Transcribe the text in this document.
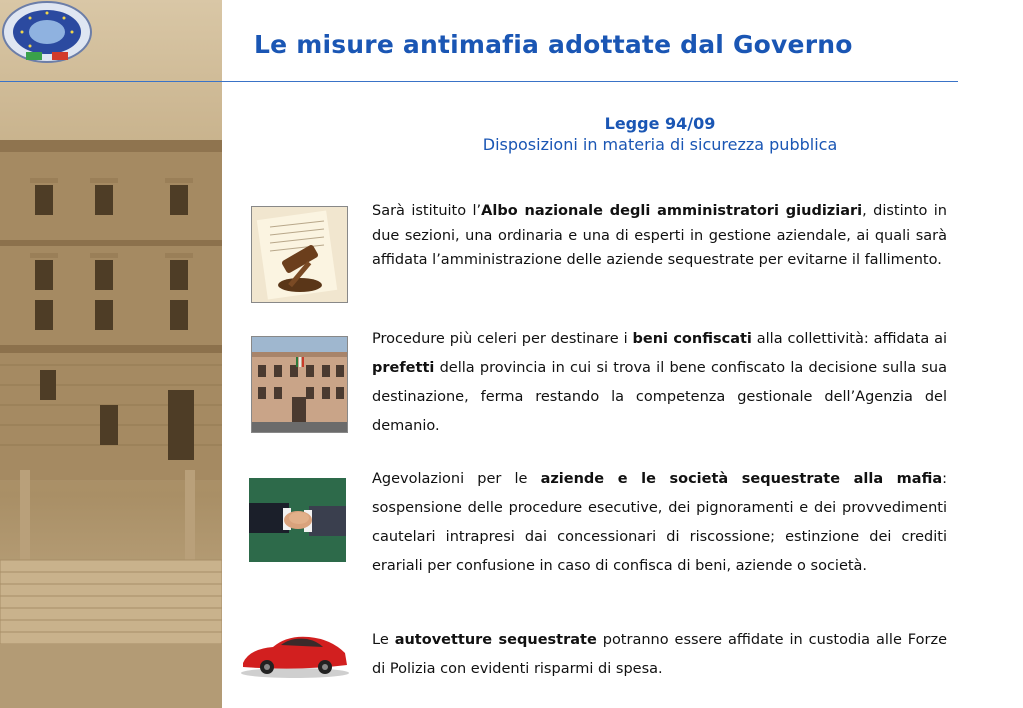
Le misure antimafia adottate dal Governo
Legge 94/09
Disposizioni in materia di sicurezza pubblica
Sarà istituito l’Albo nazionale degli amministratori giudiziari, distinto in due sezioni, una ordinaria e una di esperti in gestione aziendale, ai quali sarà affidata l’amministrazione delle aziende sequestrate per evitarne il fallimento.
Procedure più celeri per destinare i beni confiscati alla collettività: affidata ai prefetti della provincia in cui si trova il bene confiscato la decisione sulla sua destinazione, ferma restando la competenza gestionale dell’Agenzia del demanio.
Agevolazioni per le aziende e le società sequestrate alla mafia: sospensione delle procedure esecutive, dei pignoramenti e dei provvedimenti cautelari intrapresi dai concessionari di riscossione; estinzione dei crediti erariali per confusione in caso di confisca di beni, aziende o società.
Le autovetture sequestrate potranno essere affidate in custodia alle Forze di Polizia con evidenti risparmi di spesa.
